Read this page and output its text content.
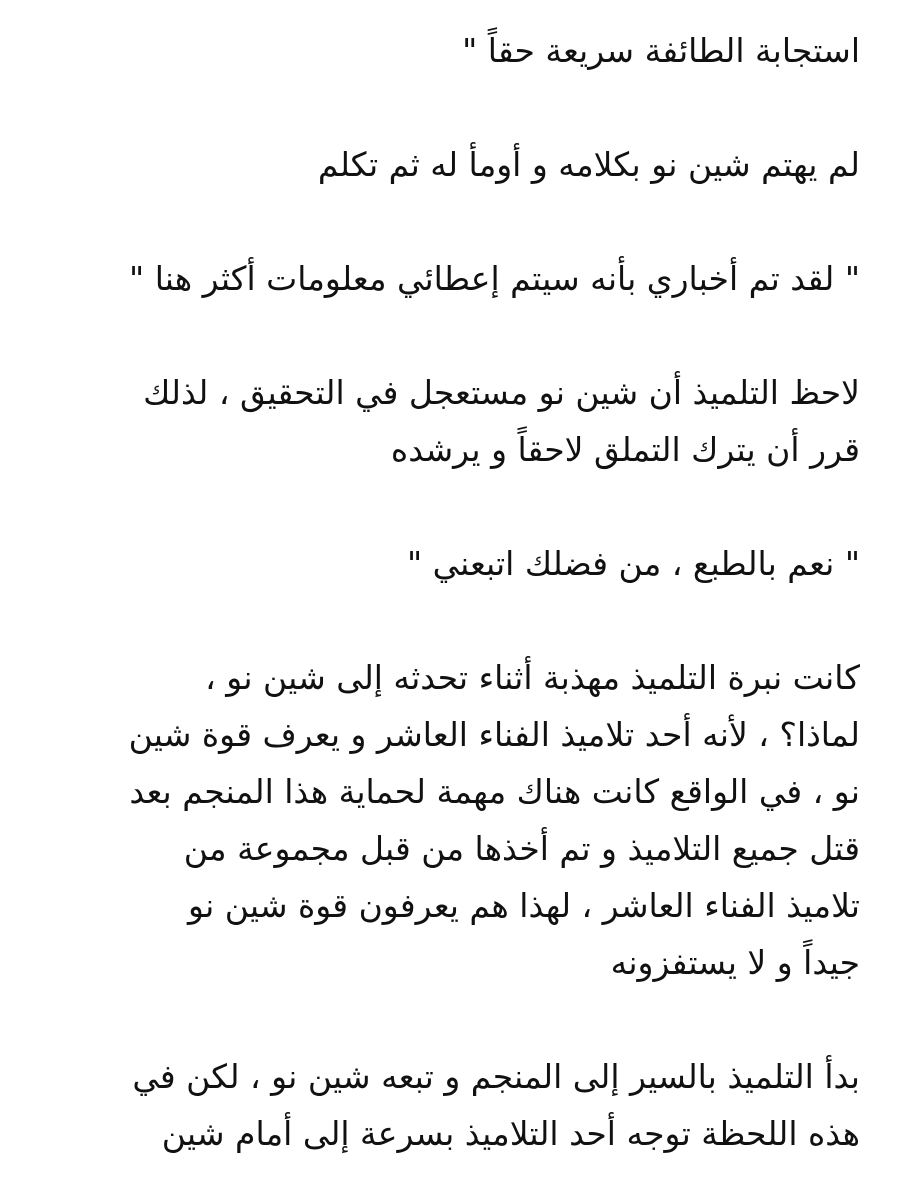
استجابة الطائفة سريعة حقاً "

لم يهتم شين نو بكلامه و أومأ له ثم تكلم

" لقد تم أخباري بأنه سيتم إعطائي معلومات أكثر هنا "

لاحظ التلميذ أن شين نو مستعجل في التحقيق ، لذلك
قرر أن يترك التملق لاحقاً و يرشده

" نعم بالطبع ، من فضلك اتبعني "

كانت نبرة التلميذ مهذبة أثناء تحدثه إلى شين نو ،
لماذا؟ ، لأنه أحد تلاميذ الفناء العاشر و يعرف قوة شين
نو ، في الواقع كانت هناك مهمة لحماية هذا المنجم بعد
قتل جميع التلاميذ و تم أخذها من قبل مجموعة من
تلاميذ الفناء العاشر ، لهذا هم يعرفون قوة شين نو
جيداً و لا يستفزونه

بدأ التلميذ بالسير إلى المنجم و تبعه شين نو ، لكن في
هذه اللحظة توجه أحد التلاميذ بسرعة إلى أمام شين
